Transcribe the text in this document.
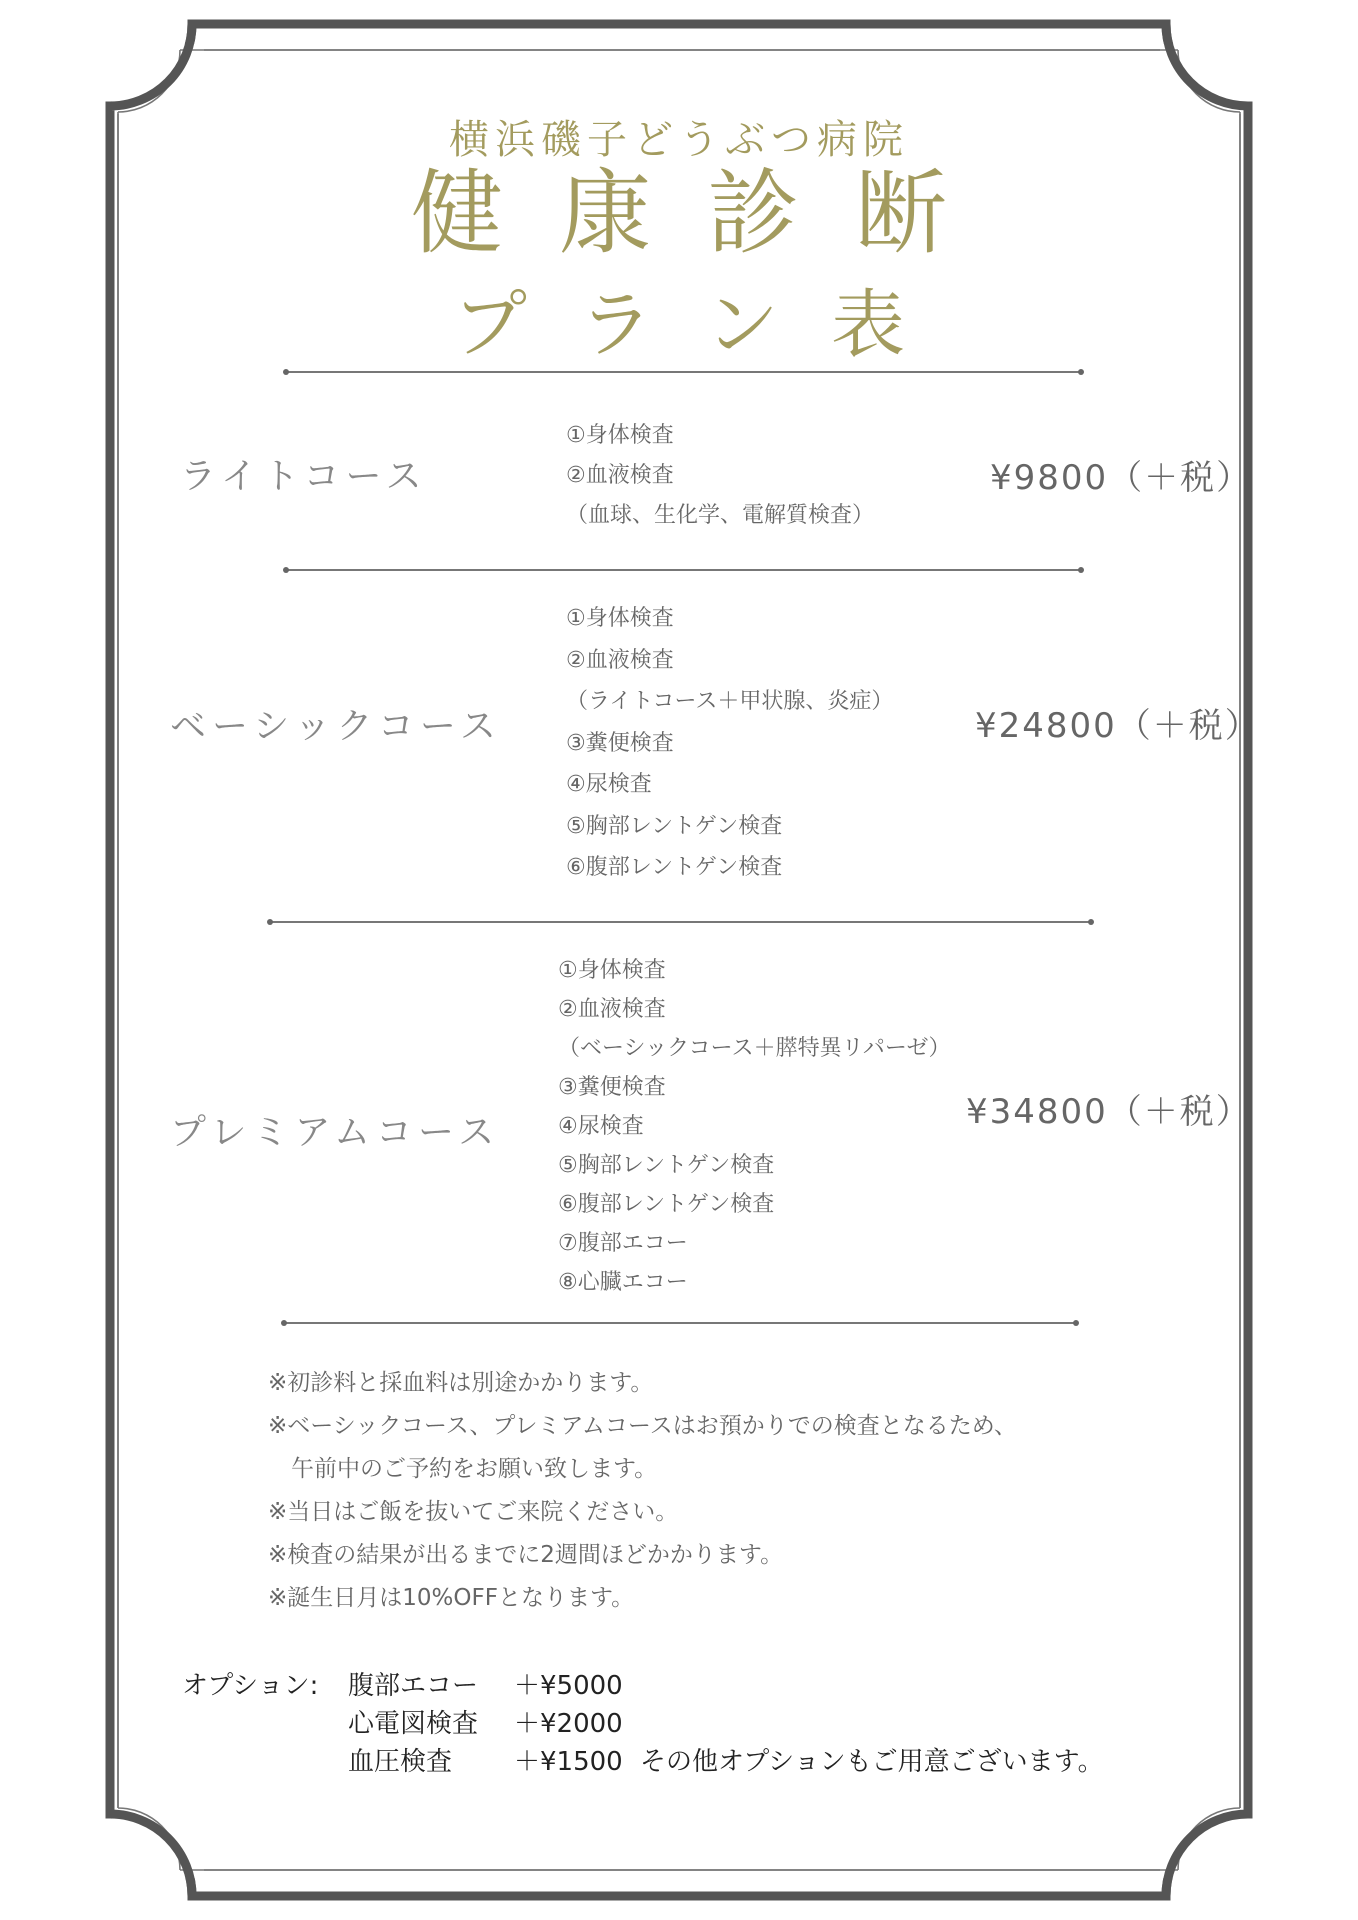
横浜磯子どうぶつ病院
健康診断
プラン表
ライトコース
①身体検査
②血液検査
（血球、生化学、電解質検査）
¥9800（＋税）
ベーシックコース
①身体検査
②血液検査
（ライトコース＋甲状腺、炎症）
③糞便検査
④尿検査
⑤胸部レントゲン検査
⑥腹部レントゲン検査
¥24800（＋税）
プレミアムコース
①身体検査
②血液検査
（ベーシックコース＋膵特異リパーゼ）
③糞便検査
④尿検査
⑤胸部レントゲン検査
⑥腹部レントゲン検査
⑦腹部エコー
⑧心臓エコー
¥34800（＋税）
※初診料と採血料は別途かかります。
※ベーシックコース、プレミアムコースはお預かりでの検査となるため、
　午前中のご予約をお願い致します。
※当日はご飯を抜いてご来院ください。
※検査の結果が出るまでに2週間ほどかかります。
※誕生日月は10%OFFとなります。
オプション: 腹部エコー ＋¥5000
心電図検査 ＋¥2000
血圧検査 ＋¥1500 その他オプションもご用意ございます。
